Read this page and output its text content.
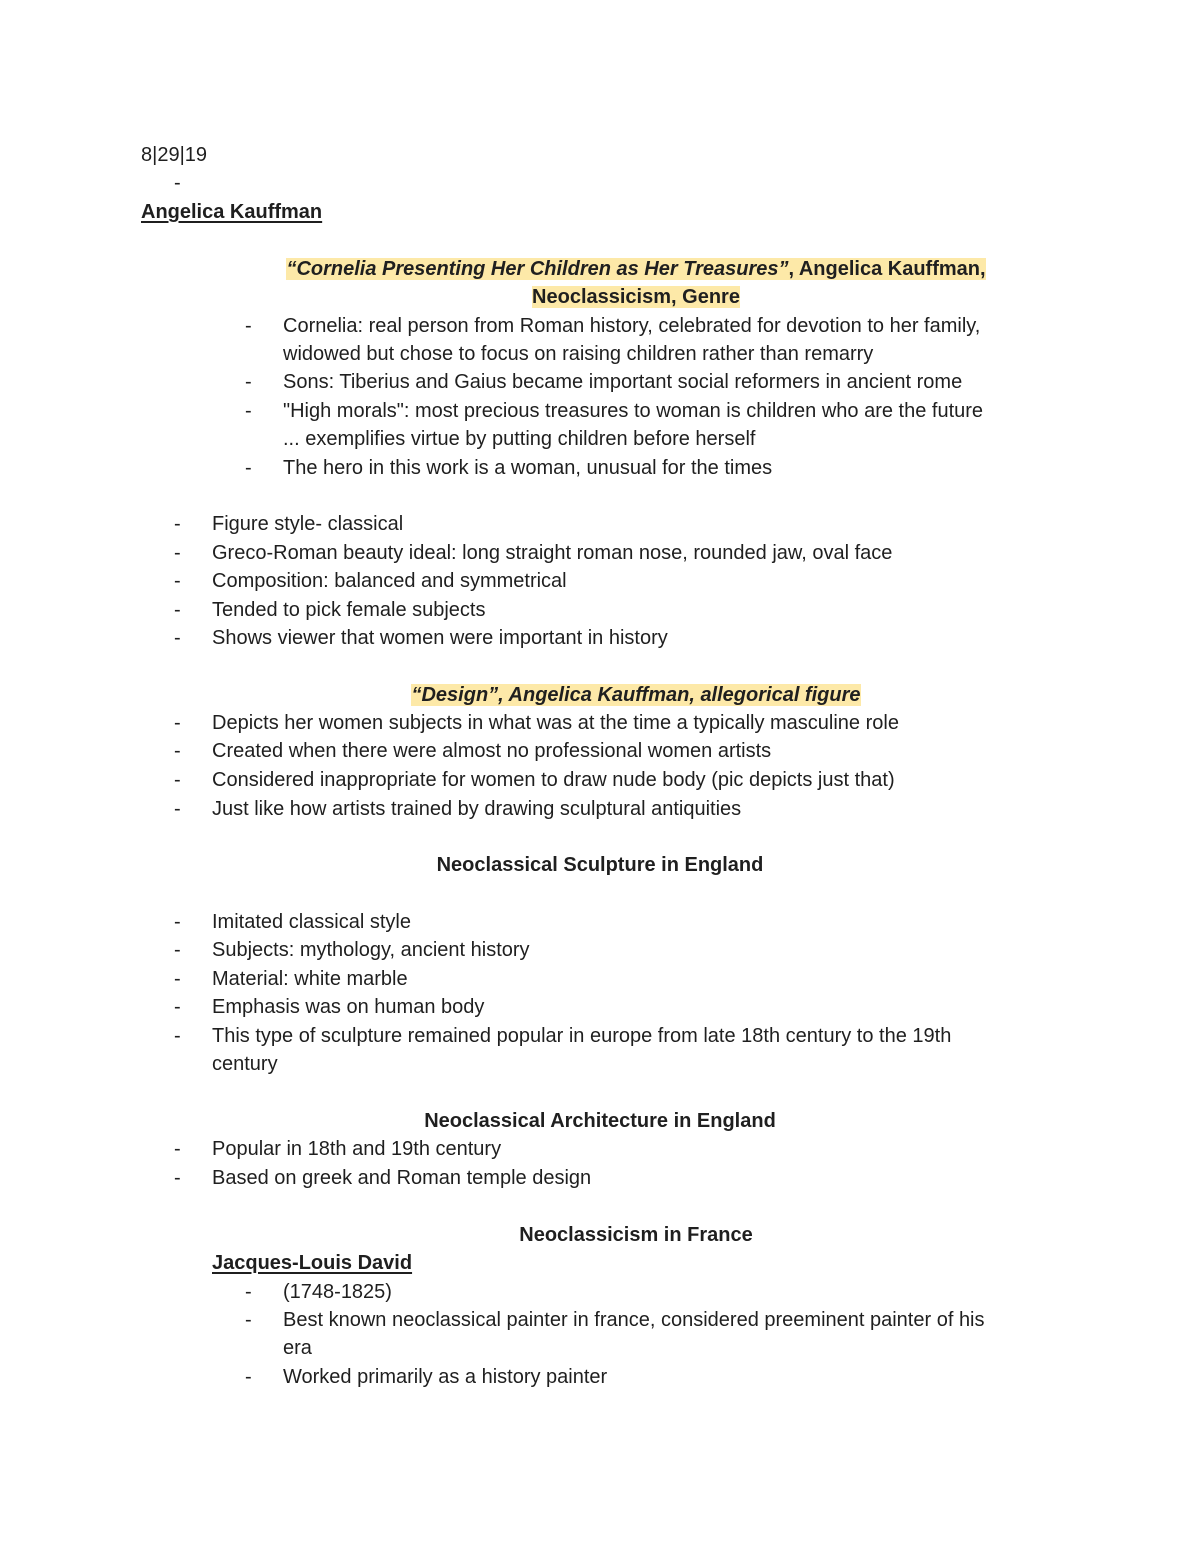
8|29|19
-
Angelica Kauffman
“Cornelia Presenting Her Children as Her Treasures”, Angelica Kauffman,
Neoclassicism, Genre
-	Cornelia: real person from Roman history, celebrated for devotion to her family,
widowed but chose to focus on raising children rather than remarry
-	Sons: Tiberius and Gaius became important social reformers in ancient rome
-	"High morals": most precious treasures to woman is children who are the future
... exemplifies virtue by putting children before herself
-	The hero in this work is a woman, unusual for the times
-	Figure style- classical
-	Greco-Roman beauty ideal: long straight roman nose, rounded jaw, oval face
-	Composition: balanced and symmetrical
-	Tended to pick female subjects
-	Shows viewer that women were important in history
“Design”, Angelica Kauffman, allegorical figure
-	Depicts her women subjects in what was at the time a typically masculine role
-	Created when there were almost no professional women artists
-	Considered inappropriate for women to draw nude body (pic depicts just that)
-	Just like how artists trained by drawing sculptural antiquities
Neoclassical Sculpture in England
-	Imitated classical style
-	Subjects: mythology, ancient history
-	Material: white marble
-	Emphasis was on human body
-	This type of sculpture remained popular in europe from late 18th century to the 19th
century
Neoclassical Architecture in England
-	Popular in 18th and 19th century
-	Based on greek and Roman temple design
Neoclassicism in France
Jacques-Louis David
-	(1748-1825)
-	Best known neoclassical painter in france, considered preeminent painter of his
era
-	Worked primarily as a history painter
